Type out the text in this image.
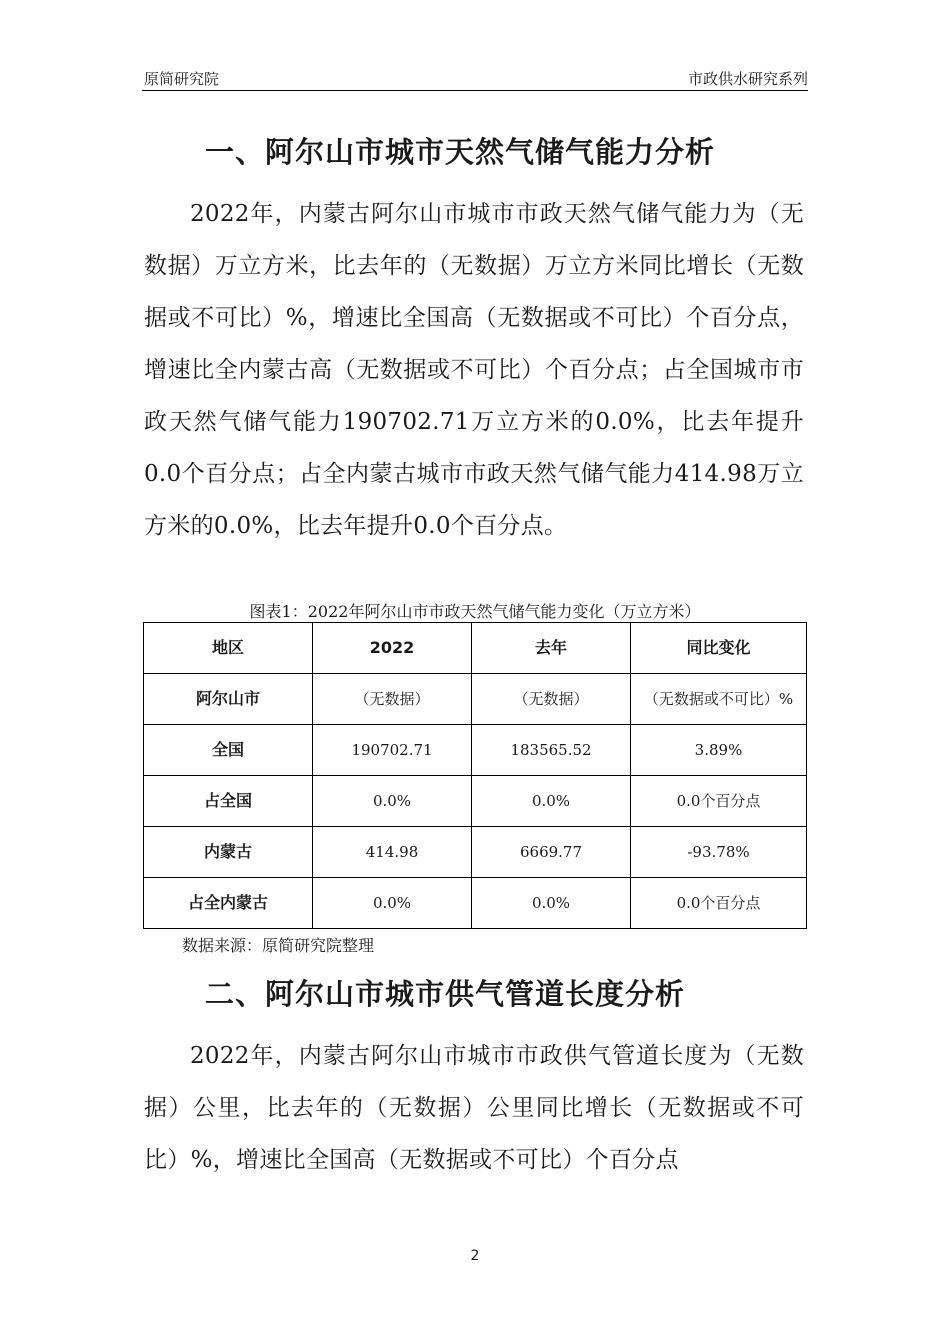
原简研究院	市政供水研究系列
一、阿尔山市城市天然气储气能力分析

2022年，内蒙古阿尔山市城市市政天然气储气能力为（无数据）万立方米，比去年的（无数据）万立方米同比增长（无数据或不可比）%，增速比全国高（无数据或不可比）个百分点，增速比全内蒙古高（无数据或不可比）个百分点；占全国城市市政天然气储气能力190702.71万立方米的0.0%，比去年提升0.0个百分点；占全内蒙古城市市政天然气储气能力414.98万立方米的0.0%，比去年提升0.0个百分点。

图表1：2022年阿尔山市市政天然气储气能力变化（万立方米）
地区	2022	去年	同比变化
阿尔山市	（无数据）	（无数据）	（无数据或不可比）%
全国	190702.71	183565.52	3.89%
占全国	0.0%	0.0%	0.0个百分点
内蒙古	414.98	6669.77	-93.78%
占全内蒙古	0.0%	0.0%	0.0个百分点
数据来源：原简研究院整理
二、阿尔山市城市供气管道长度分析

2022年，内蒙古阿尔山市城市市政供气管道长度为（无数据）公里，比去年的（无数据）公里同比增长（无数据或不可比）%，增速比全国高（无数据或不可比）个百分点

2
